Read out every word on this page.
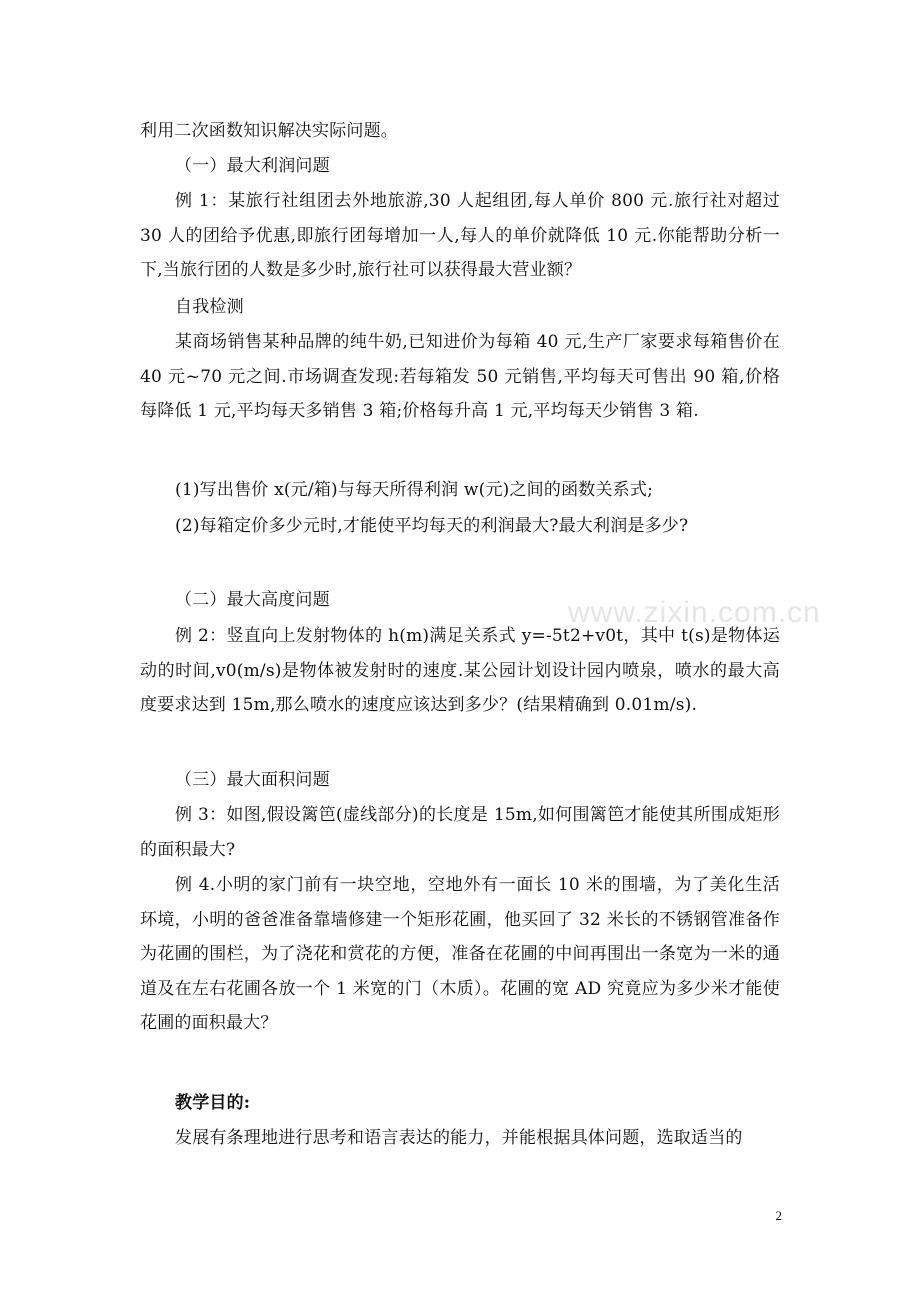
利用二次函数知识解决实际问题。

（一）最大利润问题

例 1：某旅行社组团去外地旅游,30 人起组团,每人单价 800 元.旅行社对超过 30 人的团给予优惠,即旅行团每增加一人,每人的单价就降低 10 元.你能帮助分析一下,当旅行团的人数是多少时,旅行社可以获得最大营业额？

自我检测

某商场销售某种品牌的纯牛奶,已知进价为每箱 40 元,生产厂家要求每箱售价在 40 元~70 元之间.市场调查发现:若每箱发 50 元销售,平均每天可售出 90 箱,价格每降低 1 元,平均每天多销售 3 箱;价格每升高 1 元,平均每天少销售 3 箱.

(1)写出售价 x(元/箱)与每天所得利润 w(元)之间的函数关系式;

(2)每箱定价多少元时,才能使平均每天的利润最大?最大利润是多少?

（二）最大高度问题

例 2：竖直向上发射物体的 h(m)满足关系式 y=-5t2+v0t，其中 t(s)是物体运动的时间,v0(m/s)是物体被发射时的速度.某公园计划设计园内喷泉，喷水的最大高度要求达到 15m,那么喷水的速度应该达到多少？(结果精确到 0.01m/s).

（三）最大面积问题

例 3：如图,假设篱笆(虚线部分)的长度是 15m,如何围篱笆才能使其所围成矩形的面积最大?

例 4.小明的家门前有一块空地，空地外有一面长 10 米的围墙，为了美化生活环境，小明的爸爸准备靠墙修建一个矩形花圃，他买回了 32 米长的不锈钢管准备作为花圃的围栏，为了浇花和赏花的方便，准备在花圃的中间再围出一条宽为一米的通道及在左右花圃各放一个 1 米宽的门（木质）。花圃的宽 AD 究竟应为多少米才能使花圃的面积最大？

教学目的:

发展有条理地进行思考和语言表达的能力，并能根据具体问题，选取适当的

www.zixin.com.cn
2
